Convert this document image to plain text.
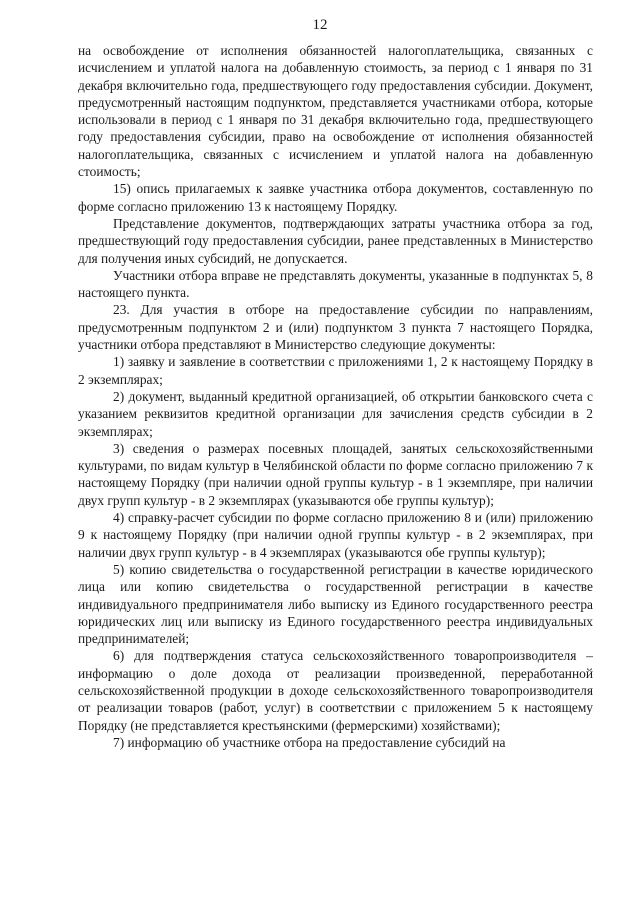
12

на освобождение от исполнения обязанностей налогоплательщика, связанных с исчислением и уплатой налога на добавленную стоимость, за период с 1 января по 31 декабря включительно года, предшествующего году предоставления субсидии. Документ, предусмотренный настоящим подпунктом, представляется участниками отбора, которые использовали в период с 1 января по 31 декабря включительно года, предшествующего году предоставления субсидии, право на освобождение от исполнения обязанностей налогоплательщика, связанных с исчислением и уплатой налога на добавленную стоимость;

15) опись прилагаемых к заявке участника отбора документов, составленную по форме согласно приложению 13 к настоящему Порядку.

Представление документов, подтверждающих затраты участника отбора за год, предшествующий году предоставления субсидии, ранее представленных в Министерство для получения иных субсидий, не допускается.

Участники отбора вправе не представлять документы, указанные в подпунктах 5, 8 настоящего пункта.

23. Для участия в отборе на предоставление субсидии по направлениям, предусмотренным подпунктом 2 и (или) подпунктом 3 пункта 7 настоящего Порядка, участники отбора представляют в Министерство следующие документы:

1) заявку и заявление в соответствии с приложениями 1, 2 к настоящему Порядку в 2 экземплярах;

2) документ, выданный кредитной организацией, об открытии банковского счета с указанием реквизитов кредитной организации для зачисления средств субсидии в 2 экземплярах;

3) сведения о размерах посевных площадей, занятых сельскохозяйственными культурами, по видам культур в Челябинской области по форме согласно приложению 7 к настоящему Порядку (при наличии одной группы культур - в 1 экземпляре, при наличии двух групп культур - в 2 экземплярах (указываются обе группы культур);

4) справку-расчет субсидии по форме согласно приложению 8 и (или) приложению 9 к настоящему Порядку (при наличии одной группы культур - в 2 экземплярах, при наличии двух групп культур - в 4 экземплярах (указываются обе группы культур);

5) копию свидетельства о государственной регистрации в качестве юридического лица или копию свидетельства о государственной регистрации в качестве индивидуального предпринимателя либо выписку из Единого государственного реестра юридических лиц или выписку из Единого государственного реестра индивидуальных предпринимателей;

6) для подтверждения статуса сельскохозяйственного товаропроизводителя – информацию о доле дохода от реализации произведенной, переработанной сельскохозяйственной продукции в доходе сельскохозяйственного товаропроизводителя от реализации товаров (работ, услуг) в соответствии с приложением 5 к настоящему Порядку (не представляется крестьянскими (фермерскими) хозяйствами);

7) информацию об участнике отбора на предоставление субсидий на
